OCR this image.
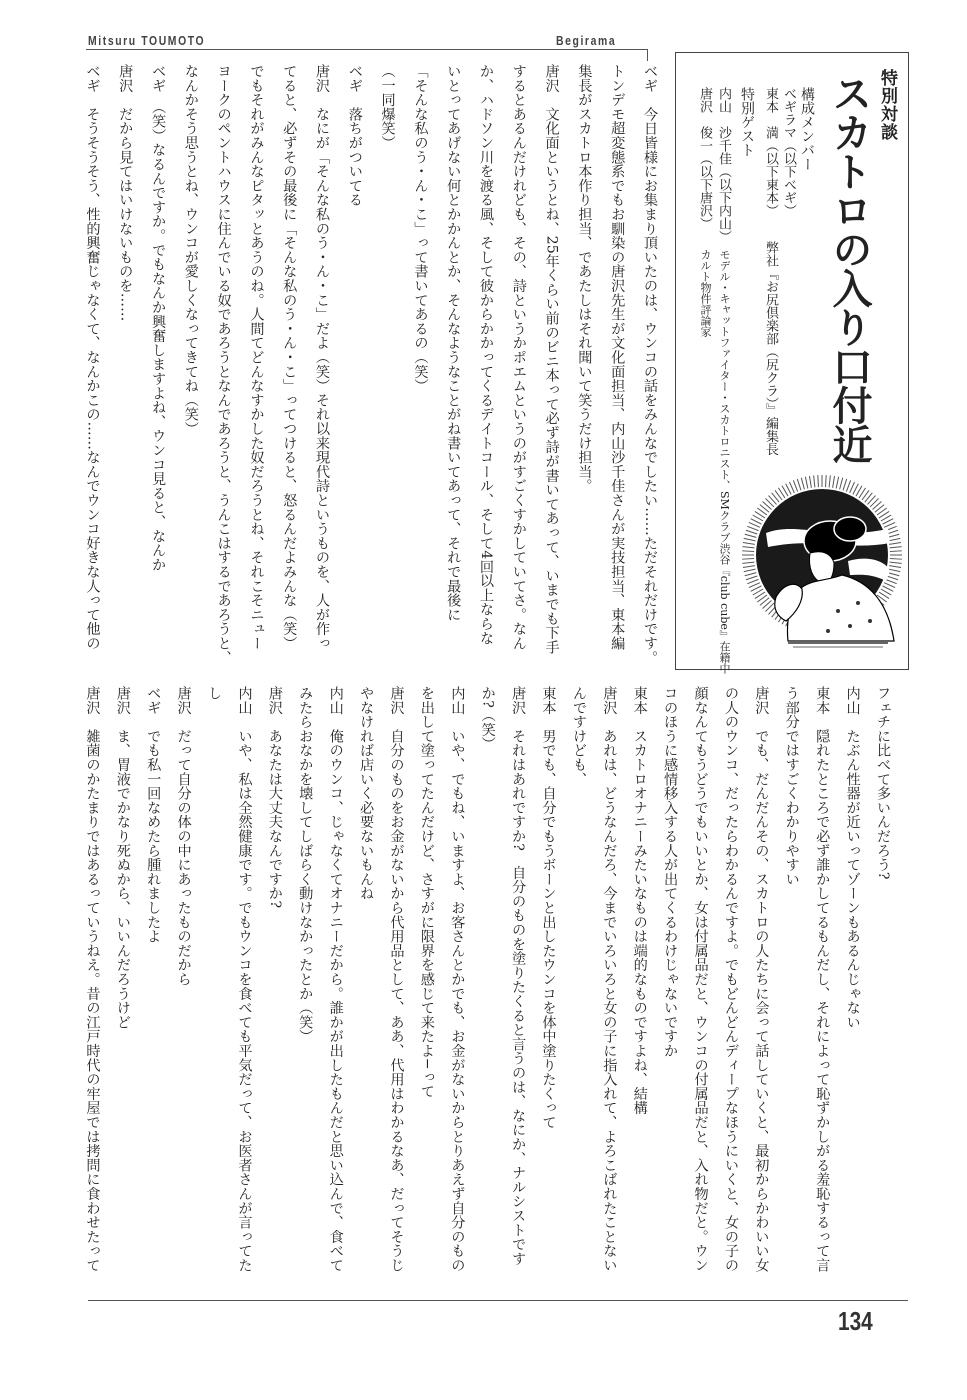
Mitsuru TOUMOTO	Begirama
ベギ　今日皆様にお集まり頂いたのは、ウンコの話をみんなでしたい……ただそれだけです。
トンデモ超変態系でもお馴染の唐沢先生が文化面担当、内山沙千佳さんが実技担当、東本編
集長がスカトロ本作り担当、であたしはそれ聞いて笑うだけ担当。
唐沢　文化面というとね、25年くらい前のビニ本って必ず詩が書いてあって、いまでも下手
するとあるんだけれども、その、詩というかポエムというのがすごくすかしていてさ。なん
か、ハドソン川を渡る風、そして彼からかかってくるデイトコール、そして4回以上ならな
いとってあげない何とかかんとか、そんなようなことがね書いてあって、それで最後に
「そんな私のう・ん・こ」って書いてあるの（笑）
（一同爆笑）
ベギ　落ちがついてる
唐沢　なにが「そんな私のう・ん・こ」だよ（笑）それ以来現代詩というものを、人が作っ
てると、必ずその最後に「そんな私のう・ん・こ」ってつけると、怒るんだよみんな（笑）
でもそれがみんなピタッとあうのね。人間てどんなすかした奴だろうとね、それこそニュー
ヨークのペントハウスに住んでいる奴であろうとなんであろうと、うんこはするであろうと、
なんかそう思うとね、ウンコが愛しくなってきてね（笑）
ベギ　（笑）なるんですか。でもなんか興奮しますよね、ウンコ見ると、なんか
唐沢　だから見てはいけないものを……
ベギ　そうそうそう、性的興奮じゃなくて、なんかこの……なんでウンコ好きな人って他の	特別対談
スカトロの入り口付近
構成メンバー
べギラマ（以下べギ）
東本　満（以下東本）
弊社『お尻倶楽部（尻クラ）』編集長
特別ゲスト
内山　沙千佳（以下内山）
モデル・キャットファイター・スカトロニスト、SMクラブ渋谷『club cube』在籍中
唐沢　俊一（以下唐沢）
カルト物件評論家
フェチに比べて多いんだろう?
内山　たぶん性器が近いってゾーンもあるんじゃない
東本　隠れたところで必ず誰かしてるもんだし、それによって恥ずかしがる羞恥するって言
う部分ではすごくわかりやすい
唐沢　でも、だんだんその、スカトロの人たちに会って話していくと、最初からかわいい女
の人のウンコ、だったらわかるんですよ。でもどんどんディープなほうにいくと、女の子の
顔なんてもうどうでもいいとか、女は付属品だと、ウンコの付属品だと、入れ物だと。ウン
コのほうに感情移入する人が出てくるわけじゃないですか
東本　スカトロオナニーみたいなものは端的なものですよね、結構
唐沢　あれは、どうなんだろ、今までいろいろと女の子に指入れて、よろこばれたことない
んですけども、
東本　男でも、自分でもうボーンと出したウンコを体中塗りたくって
唐沢　それはあれですか?　自分のものを塗りたくると言うのは、なにか、ナルシストです
か?（笑）
内山　いや、でもね、いますよ、お客さんとかでも、お金がないからとりあえず自分のもの
を出して塗ってたんだけど、さすがに限界を感じて来たよ−って
唐沢　自分のものをお金がないから代用品として、ああ、代用はわかるなあ、だってそうじ
やなければ店いく必要ないもんね
内山　俺のウンコ、じゃなくてオナニーだから。誰かが出したもんだと思い込んで、食べて
みたらおなかを壊してしばらく動けなかったとか（笑）
唐沢　あなたは大丈夫なんですか?
内山　いや、私は全然健康です。でもウンコを食べても平気だって、お医者さんが言ってた
し
唐沢　だって自分の体の中にあったものだから
ベギ　でも私一回なめたら腫れましたよ
唐沢　ま、胃液でかなり死ぬから、いいんだろうけど
唐沢　雑菌のかたまりではあるっていうねえ。昔の江戸時代の牢屋では拷問に食わせたって
134
